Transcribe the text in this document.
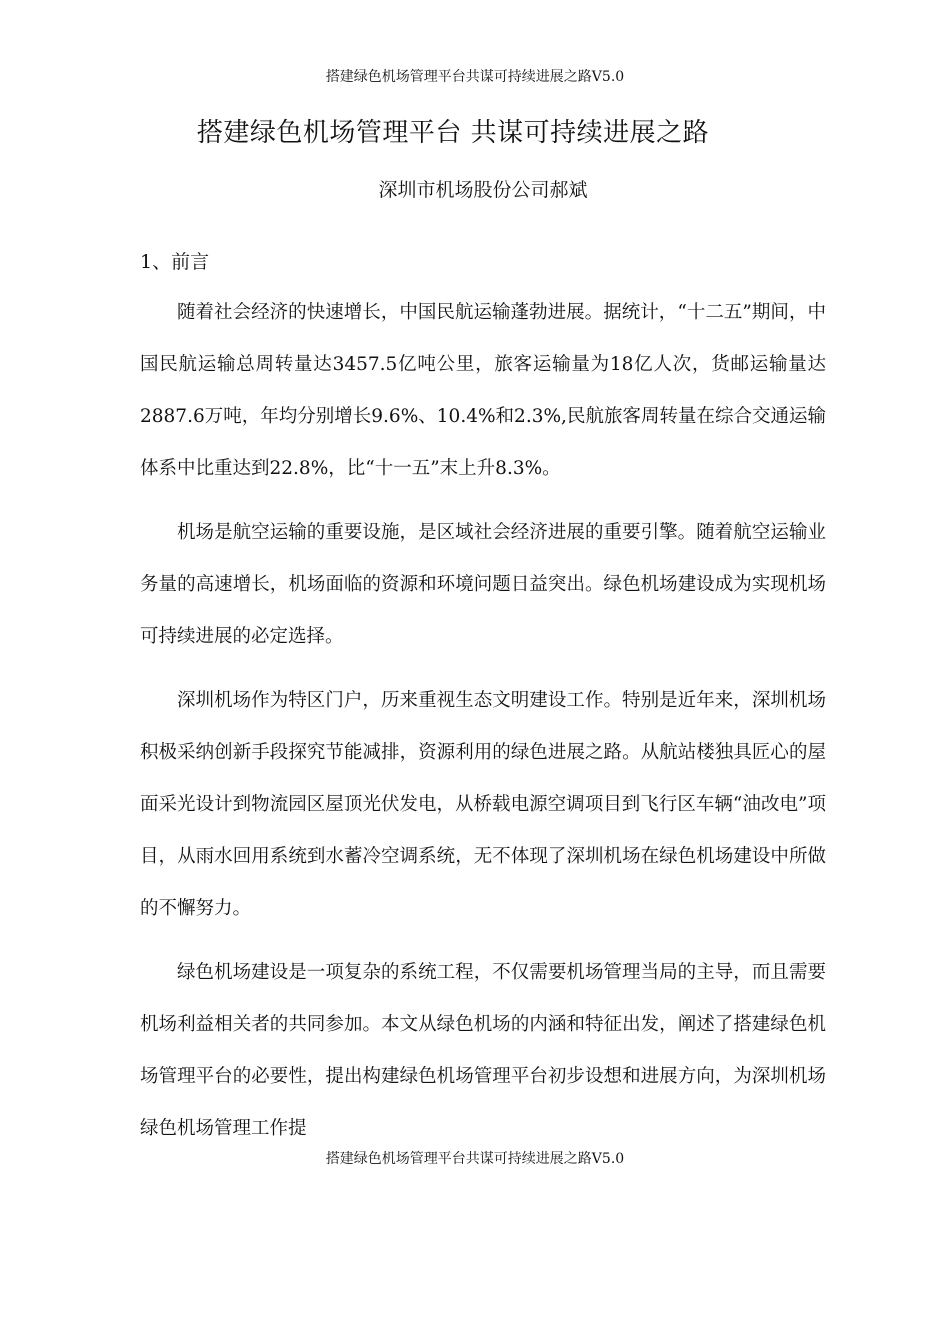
搭建绿色机场管理平台共谋可持续进展之路V5.0
搭建绿色机场管理平台 共谋可持续进展之路
深圳市机场股份公司郝斌
1、前言

随着社会经济的快速增长，中国民航运输蓬勃进展。据统计，“十二五”期间，中国民航运输总周转量达3457.5亿吨公里，旅客运输量为18亿人次，货邮运输量达2887.6万吨，年均分别增长9.6%、10.4%和2.3%,民航旅客周转量在综合交通运输体系中比重达到22.8%，比“十一五”末上升8.3%。

机场是航空运输的重要设施，是区域社会经济进展的重要引擎。随着航空运输业务量的高速增长，机场面临的资源和环境问题日益突出。绿色机场建设成为实现机场可持续进展的必定选择。

深圳机场作为特区门户，历来重视生态文明建设工作。特别是近年来，深圳机场积极采纳创新手段探究节能减排，资源利用的绿色进展之路。从航站楼独具匠心的屋面采光设计到物流园区屋顶光伏发电，从桥载电源空调项目到飞行区车辆“油改电”项目，从雨水回用系统到水蓄冷空调系统，无不体现了深圳机场在绿色机场建设中所做的不懈努力。

绿色机场建设是一项复杂的系统工程，不仅需要机场管理当局的主导，而且需要机场利益相关者的共同参加。本文从绿色机场的内涵和特征出发，阐述了搭建绿色机场管理平台的必要性，提出构建绿色机场管理平台初步设想和进展方向，为深圳机场绿色机场管理工作提

搭建绿色机场管理平台共谋可持续进展之路V5.0
